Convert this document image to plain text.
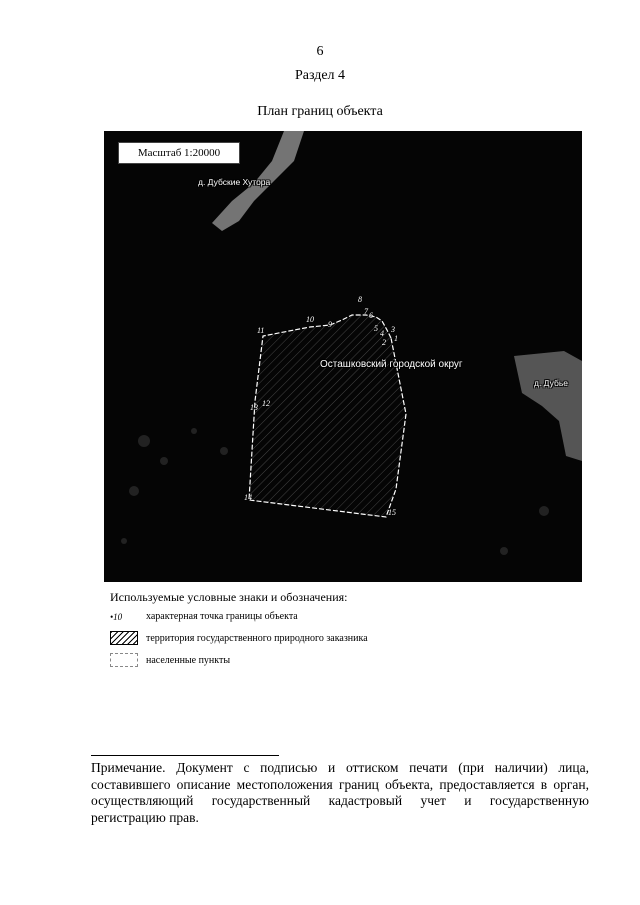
6
Раздел 4
План границ объекта
Масштаб 1:20000
д. Дубские Хутора
Осташковский городской округ
д. Дубье
1
2
3
4
5
6
7
8
9
10
11
12
13
14
15
Используемые условные знаки и обозначения:
•10	характерная точка границы объекта
территория государственного природного заказника
населенные пункты
Примечание. Документ с подписью и оттиском печати (при наличии) лица, составившего описание местоположения границ объекта, предоставляется в орган, осуществляющий государственный кадастровый учет и государственную регистрацию прав.
